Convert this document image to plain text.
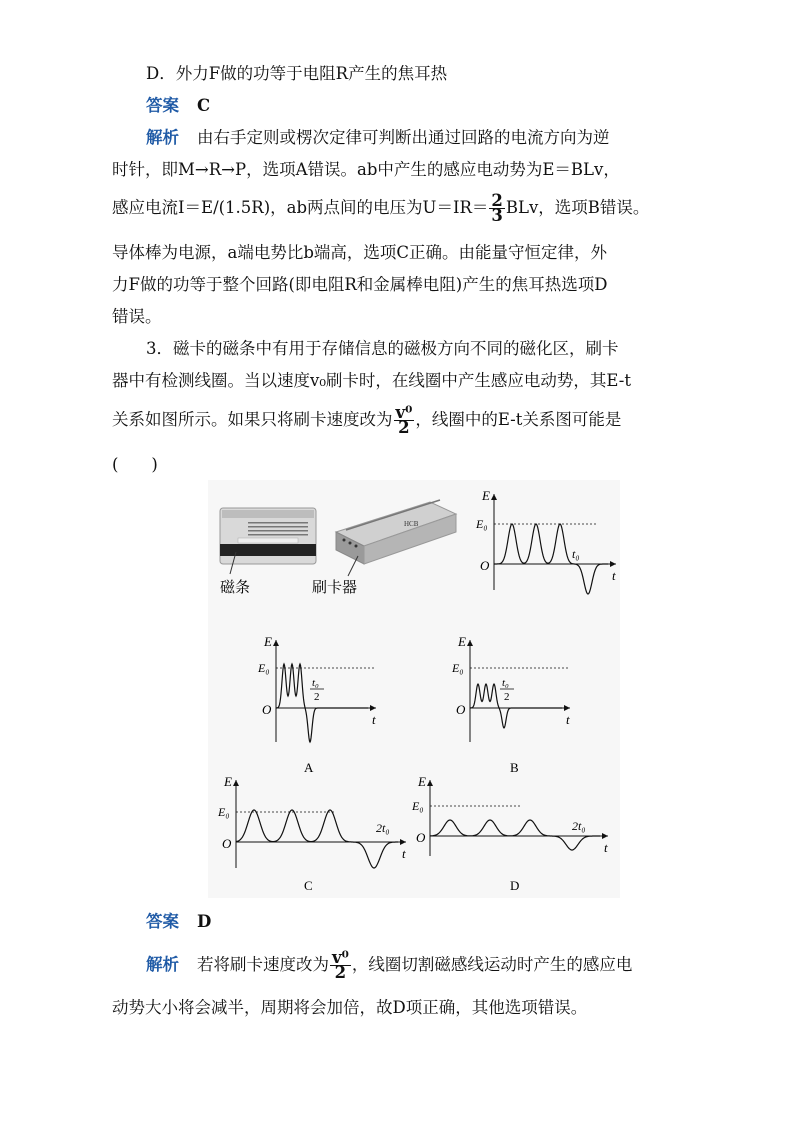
D．外力F做的功等于电阻R产生的焦耳热
答案 C
解析 由右手定则或楞次定律可判断出通过回路的电流方向为逆
时针，即M→R→P，选项A错误。ab中产生的感应电动势为E＝BLv，
感应电流I＝E/(1.5R)，ab两点间的电压为$U=IR= \frac{2}{3}$ BLv，选项B错误。
导体棒为电源，a端电势比b端高，选项C正确。由能量守恒定律，外
力F做的功等于整个回路(即电阻R和金属棒电阻)产生的焦耳热选项D
错误。
3．磁卡的磁条中有用于存储信息的磁极方向不同的磁化区，刷卡
器中有检测线圈。当以速度v₀刷卡时，在线圈中产生感应电动势，其E-t
关系如图所示。如果只将刷卡速度改为 $\frac{\text{v⁰}}{2}$ ，线圈中的E-t关系图可能是
(　　)
磁条
HCB
刷卡器
E
t
O
E₀
t₀
E
t
O
E₀
t₀
2
A
E
t
O
E₀
t₀
2
B
E
t
O
E₀
2t₀
C
E
t
O
E₀
2t₀
D
答案 D
解析 若将刷卡速度改为 $\frac{\text{v⁰}}{2}$ ，线圈切割磁感线运动时产生的感应电
动势大小将会减半，周期将会加倍，故D项正确，其他选项错误。
